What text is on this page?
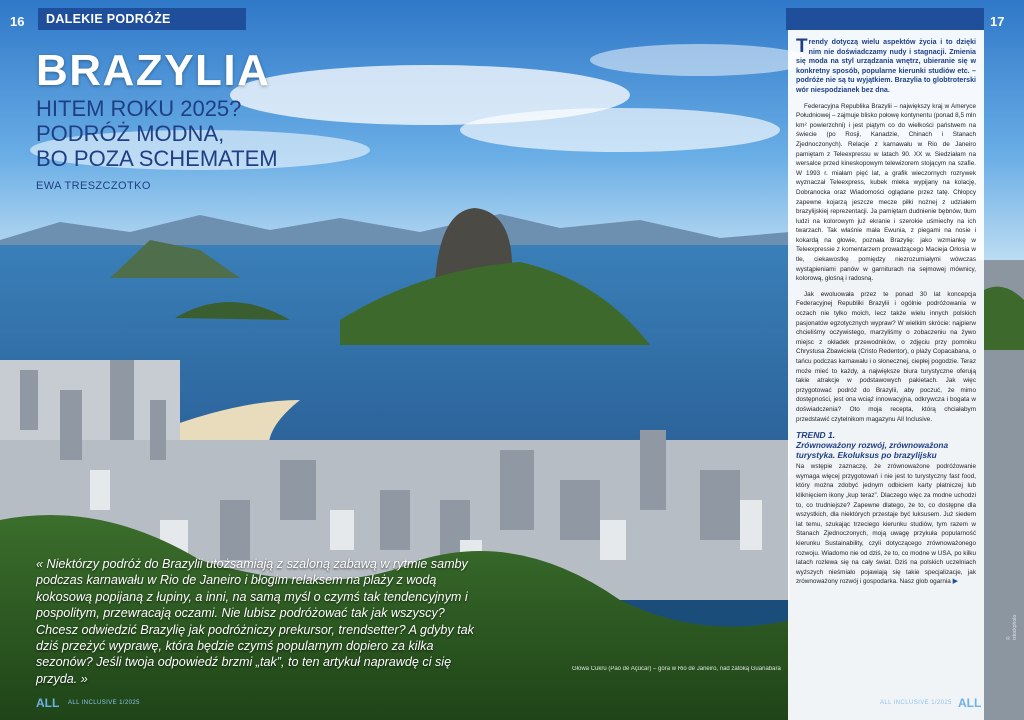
16	DALEKIE PODRÓŻE	17
BRAZYLIA
HITEM ROKU 2025?
PODRÓŻ MODNA,
BO POZA SCHEMATEM
EWA TRESZCZOTKO
« Niektórzy podróż do Brazylii utożsamiają z szaloną zabawą w rytmie samby podczas karnawału w Rio de Janeiro i błogim relaksem na plaży z wodą kokosową popijaną z łupiny, a inni, na samą myśl o czymś tak tendencyjnym i pospolitym, przewracają oczami. Nie lubisz podróżować tak jak wszyscy? Chcesz odwiedzić Brazylię jak podróżniczy prekursor, trendsetter? A gdyby tak dziś przeżyć wyprawę, która będzie czymś popularnym dopiero za kilka sezonów? Jeśli twoja odpowiedź brzmi „tak”, to ten artykuł naprawdę ci się przyda. »
Głowa Cukru (Pão de Açúcar) – góra w Rio de Janeiro, nad zatoką Guanabara
© istockphoto
Trendy dotyczą wielu aspektów życia i to dzięki nim nie doświadczamy nudy i stagnacji. Zmienia się moda na styl urządzania wnętrz, ubieranie się w konkretny sposób, popularne kierunki studiów etc. – podróże nie są tu wyjątkiem. Brazylia to globtroterski wór niespodzianek bez dna.

Federacyjna Republika Brazylii – największy kraj w Ameryce Południowej – zajmuje blisko połowę kontynentu (ponad 8,5 mln km² powierzchni) i jest piątym co do wielkości państwem na świecie (po Rosji, Kanadzie, Chinach i Stanach Zjednoczonych). Relacje z karnawału w Rio de Janeiro pamiętam z Teleexpressu w latach 90. XX w. Siedziałam na wersalce przed kineskopowym telewizorem stojącym na szafie. W 1993 r. miałam pięć lat, a grafik wieczornych rozrywek wyznaczał Teleexpress, kubek mleka wypijany na kolację, Dobranocka oraz Wiadomości oglądane przez tatę. Chłopcy zapewne kojarzą jeszcze mecze piłki nożnej z udziałem brazylijskiej reprezentacji. Ja pamiętam dudnienie bębnów, tłum ludzi na kolorowym już ekranie i szerokie uśmiechy na ich twarzach. Tak właśnie mała Ewunia, z piegami na nosie i kokardą na głowie, poznała Brazylię: jako wzmiankę w Teleexpressie z komentarzem prowadzącego Macieja Orłosia w tle, ciekawostkę pomiędzy niezrozumiałymi wówczas wystąpieniami panów w garniturach na sejmowej mównicy, kolorową, głośną i radosną.

Jak ewoluowała przez te ponad 30 lat koncepcja Federacyjnej Republiki Brazylii i ogólnie podróżowania w oczach nie tylko moich, lecz także wielu innych polskich pasjonatów egzotycznych wypraw? W wielkim skrócie: najpierw chcieliśmy oczywistego, marzyliśmy o zobaczeniu na żywo miejsc z okładek przewodników, o zdjęciu przy pomniku Chrystusa Zbawiciela (Cristo Redentor), o plaży Copacabana, o tańcu podczas karnawału i o słonecznej, ciepłej pogodzie. Teraz może mieć to każdy, a największe biura turystyczne oferują takie atrakcje w podstawowych pakietach. Jak więc przygotować podróż do Brazylii, aby poczuć, że mimo dostępności, jest ona wciąż innowacyjna, odkrywcza i bogata w doświadczenia? Oto moja recepta, którą chciałabym przedstawić czytelnikom magazynu All Inclusive.

TREND 1.
Zrównoważony rozwój, zrównoważona turystyka. Ekoluksus po brazylijsku

Na wstępie zaznaczę, że zrównoważone podróżowanie wymaga więcej przygotowań i nie jest to turystyczny fast food, który można zdobyć jednym odbiciem karty płatniczej lub kliknięciem ikony „kup teraz”. Dlaczego więc za modne uchodzi to, co trudniejsze? Zapewne dlatego, że to, co dostępne dla wszystkich, dla niektórych przestaje być luksusem. Już siedem lat temu, szukając trzeciego kierunku studiów, tym razem w Stanach Zjednoczonych, moją uwagę przykuła popularność kierunku Sustainability, czyli dotyczącego zrównoważonego rozwoju. Wiadomo nie od dziś, że to, co modne w USA, po kilku latach rozlewa się na cały świat. Dziś na polskich uczelniach wyższych nieśmiało pojawiają się takie specjalizacje, jak zrównoważony rozwój i gospodarka. Nasz glob ogarnia ▶

ALL ALL INCLUSIVE 1/2025	ALL INCLUSIVE 1/2025 ALL
